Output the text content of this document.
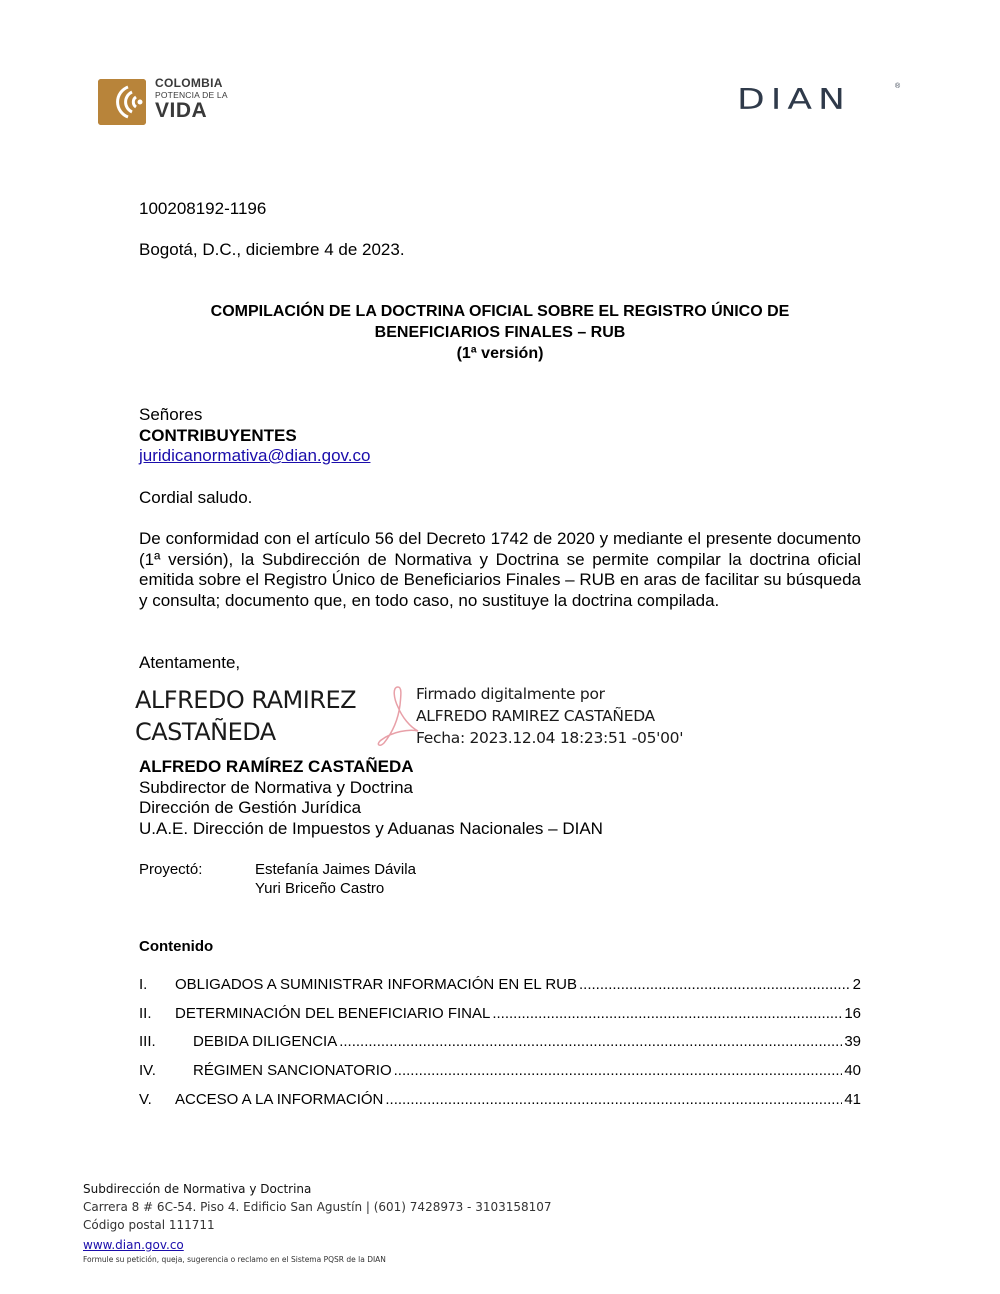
COLOMBIA
POTENCIA DE LA
VIDA	DIAN	®
100208192-1196
Bogotá, D.C., diciembre 4 de 2023.
COMPILACIÓN DE LA DOCTRINA OFICIAL SOBRE EL REGISTRO ÚNICO DE
BENEFICIARIOS FINALES – RUB
(1ª versión)
Señores
CONTRIBUYENTES
juridicanormativa@dian.gov.co
Cordial saludo.
De conformidad con el artículo 56 del Decreto 1742 de 2020 y mediante el presente documento (1ª versión), la Subdirección de Normativa y Doctrina se permite compilar la doctrina oficial emitida sobre el Registro Único de Beneficiarios Finales – RUB en aras de facilitar su búsqueda y consulta; documento que, en todo caso, no sustituye la doctrina compilada.
Atentamente,
ALFREDO RAMIREZ
CASTAÑEDA
Firmado digitalmente por
ALFREDO RAMIREZ CASTAÑEDA
Fecha: 2023.12.04 18:23:51 -05'00'
ALFREDO RAMÍREZ CASTAÑEDA
Subdirector de Normativa y Doctrina
Dirección de Gestión Jurídica
U.A.E. Dirección de Impuestos y Aduanas Nacionales – DIAN
Proyectó:	Estefanía Jaimes Dávila
Yuri Briceño Castro
Contenido
I.	OBLIGADOS A SUMINISTRAR INFORMACIÓN EN EL RUB .....	2
II.	DETERMINACIÓN DEL BENEFICIARIO FINAL .....	16
III.	DEBIDA DILIGENCIA .....	39
IV.	RÉGIMEN SANCIONATORIO .....	40
V.	ACCESO A LA INFORMACIÓN .....	41
Subdirección de Normativa y Doctrina
Carrera 8 # 6C-54. Piso 4. Edificio San Agustín | (601) 7428973 - 3103158107
Código postal 111711
www.dian.gov.co
Formule su petición, queja, sugerencia o reclamo en el Sistema PQSR de la DIAN
